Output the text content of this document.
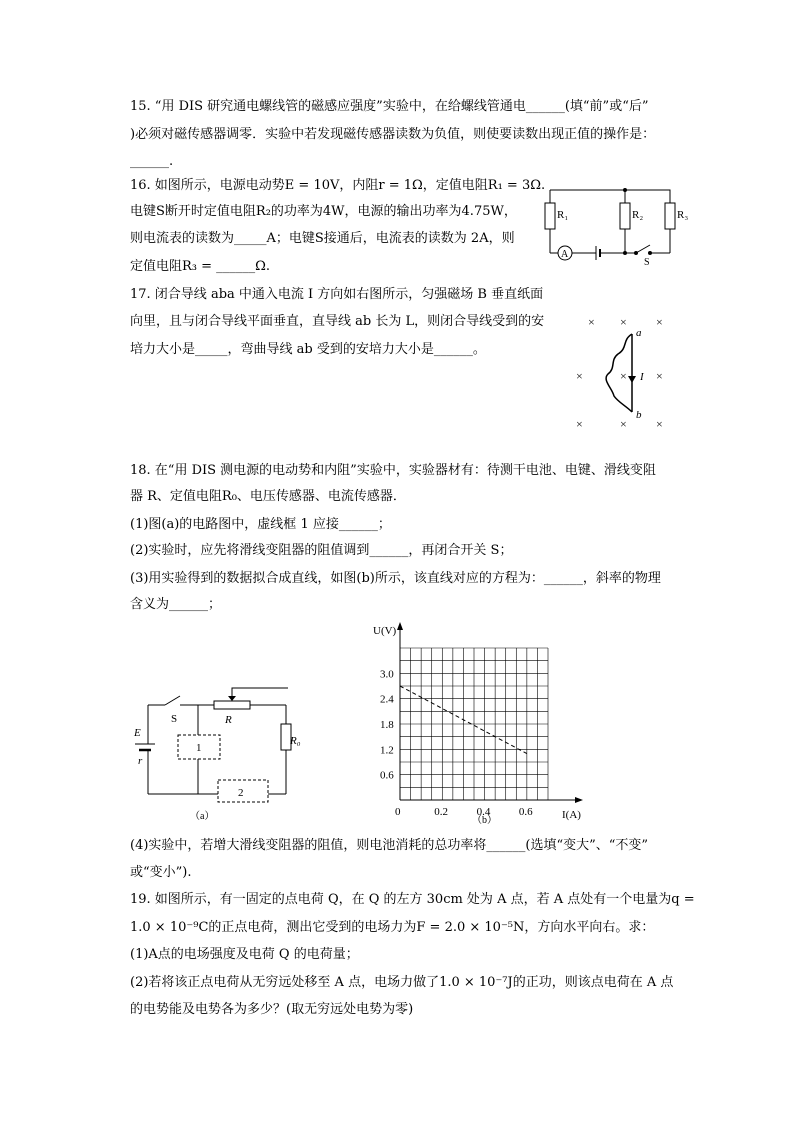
15. “用 DIS 研究通电螺线管的磁感应强度”实验中，在给螺线管通电______(填“前”或“后”
)必须对磁传感器调零．实验中若发现磁传感器读数为负值，则使要读数出现正值的操作是：
______.
16. 如图所示，电源电动势E = 10V，内阻r = 1Ω，定值电阻R₁ = 3Ω.
电键S断开时定值电阻R₂的功率为4W，电源的输出功率为4.75W，
则电流表的读数为_____A；电键S接通后，电流表的读数为 2A，则
定值电阻R₃ = ______Ω.
R₁	R₂	R₃
A
S
17. 闭合导线 aba 中通入电流 I 方向如右图所示，匀强磁场 B 垂直纸面
向里，且与闭合导线平面垂直，直导线 ab 长为 L，则闭合导线受到的安
培力大小是_____，弯曲导线 ab 受到的安培力大小是______。
× × ×
×	× ×
×	× ×
a
b
I
18. 在“用 DIS 测电源的电动势和内阻”实验中，实验器材有：待测干电池、电键、滑线变阻
器 R、定值电阻R₀、电压传感器、电流传感器．
(1)图(a)的电路图中，虚线框 1 应接______；
(2)实验时，应先将滑线变阻器的阻值调到______，再闭合开关 S；
(3)用实验得到的数据拟合成直线，如图(b)所示，该直线对应的方程为：______，斜率的物理
含义为______；
S	R
R₀
E
r
1
2
（a）	0	0.2	0.4	0.6
0.6
1.2
1.8
2.4
3.0
U(V)
I(A)
（b）
(4)实验中，若增大滑线变阻器的阻值，则电池消耗的总功率将______(选填“变大”、“不变”
或“变小”).
19. 如图所示，有一固定的点电荷 Q，在 Q 的左方 30cm 处为 A 点，若 A 点处有一个电量为q =
1.0 × 10⁻⁹C的正点电荷，测出它受到的电场力为F = 2.0 × 10⁻⁵N，方向水平向右。求：
(1)A点的电场强度及电荷 Q 的电荷量；
(2)若将该正点电荷从无穷远处移至 A 点，电场力做了1.0 × 10⁻⁷J的正功，则该点电荷在 A 点
的电势能及电势各为多少？(取无穷远处电势为零)
